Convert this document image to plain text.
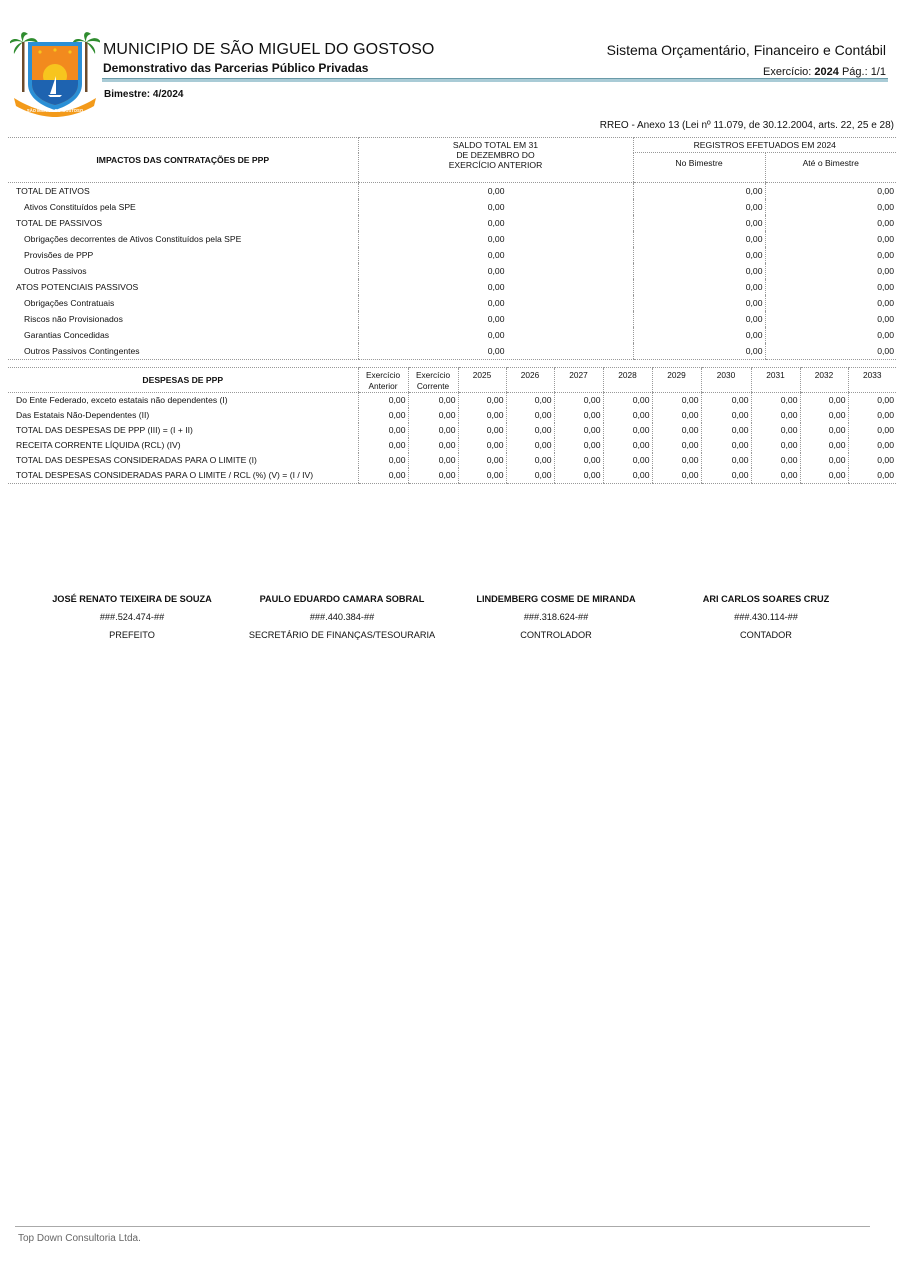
SÃO MIGUEL DO GOSTOSO
MUNICIPIO DE SÃO MIGUEL DO GOSTOSO
Demonstrativo das Parcerias Público Privadas
Bimestre: 4/2024
Sistema Orçamentário, Financeiro e Contábil
Exercício: 2024 Pág.: 1/1
RREO - Anexo 13 (Lei nº 11.079, de 30.12.2004, arts. 22, 25 e 28)
IMPACTOS DAS CONTRATAÇÕES DE PPP	SALDO TOTAL EM 31 DE DEZEMBRO DO EXERCÍCIO ANTERIOR	REGISTROS EFETUADOS EM 2024	
		No Bimestre	Até o Bimestre
TOTAL DE ATIVOS	0,00	0,00	0,00
Ativos Constituídos pela SPE	0,00	0,00	0,00
TOTAL DE PASSIVOS	0,00	0,00	0,00
Obrigações decorrentes de Ativos Constituídos pela SPE	0,00	0,00	0,00
Provisões de PPP	0,00	0,00	0,00
Outros Passivos	0,00	0,00	0,00
ATOS POTENCIAIS PASSIVOS	0,00	0,00	0,00
Obrigações Contratuais	0,00	0,00	0,00
Riscos não Provisionados	0,00	0,00	0,00
Garantias Concedidas	0,00	0,00	0,00
Outros Passivos Contingentes	0,00	0,00	0,00
DESPESAS DE PPP	Exercício Anterior	Exercício Corrente	2025	2026	2027	2028	2029	2030	2031	2032	2033
Do Ente Federado, exceto estatais não dependentes (I)	0,00	0,00	0,00	0,00	0,00	0,00	0,00	0,00	0,00	0,00	0,00
Das Estatais Não-Dependentes (II)	0,00	0,00	0,00	0,00	0,00	0,00	0,00	0,00	0,00	0,00	0,00
TOTAL DAS DESPESAS DE PPP (III) = (I + II)	0,00	0,00	0,00	0,00	0,00	0,00	0,00	0,00	0,00	0,00	0,00
RECEITA CORRENTE LÍQUIDA (RCL) (IV)	0,00	0,00	0,00	0,00	0,00	0,00	0,00	0,00	0,00	0,00	0,00
TOTAL DAS DESPESAS CONSIDERADAS PARA O LIMITE (I)	0,00	0,00	0,00	0,00	0,00	0,00	0,00	0,00	0,00	0,00	0,00
TOTAL DESPESAS CONSIDERADAS PARA O LIMITE / RCL (%) (V) = (I / IV)	0,00	0,00	0,00	0,00	0,00	0,00	0,00	0,00	0,00	0,00	0,00
JOSÉ RENATO TEIXEIRA DE SOUZA
###.524.474-##
PREFEITO
PAULO EDUARDO CAMARA SOBRAL
###.440.384-##
SECRETÁRIO DE FINANÇAS/TESOURARIA
LINDEMBERG COSME DE MIRANDA
###.318.624-##
CONTROLADOR
ARI CARLOS SOARES CRUZ
###.430.114-##
CONTADOR
Top Down Consultoria Ltda.
